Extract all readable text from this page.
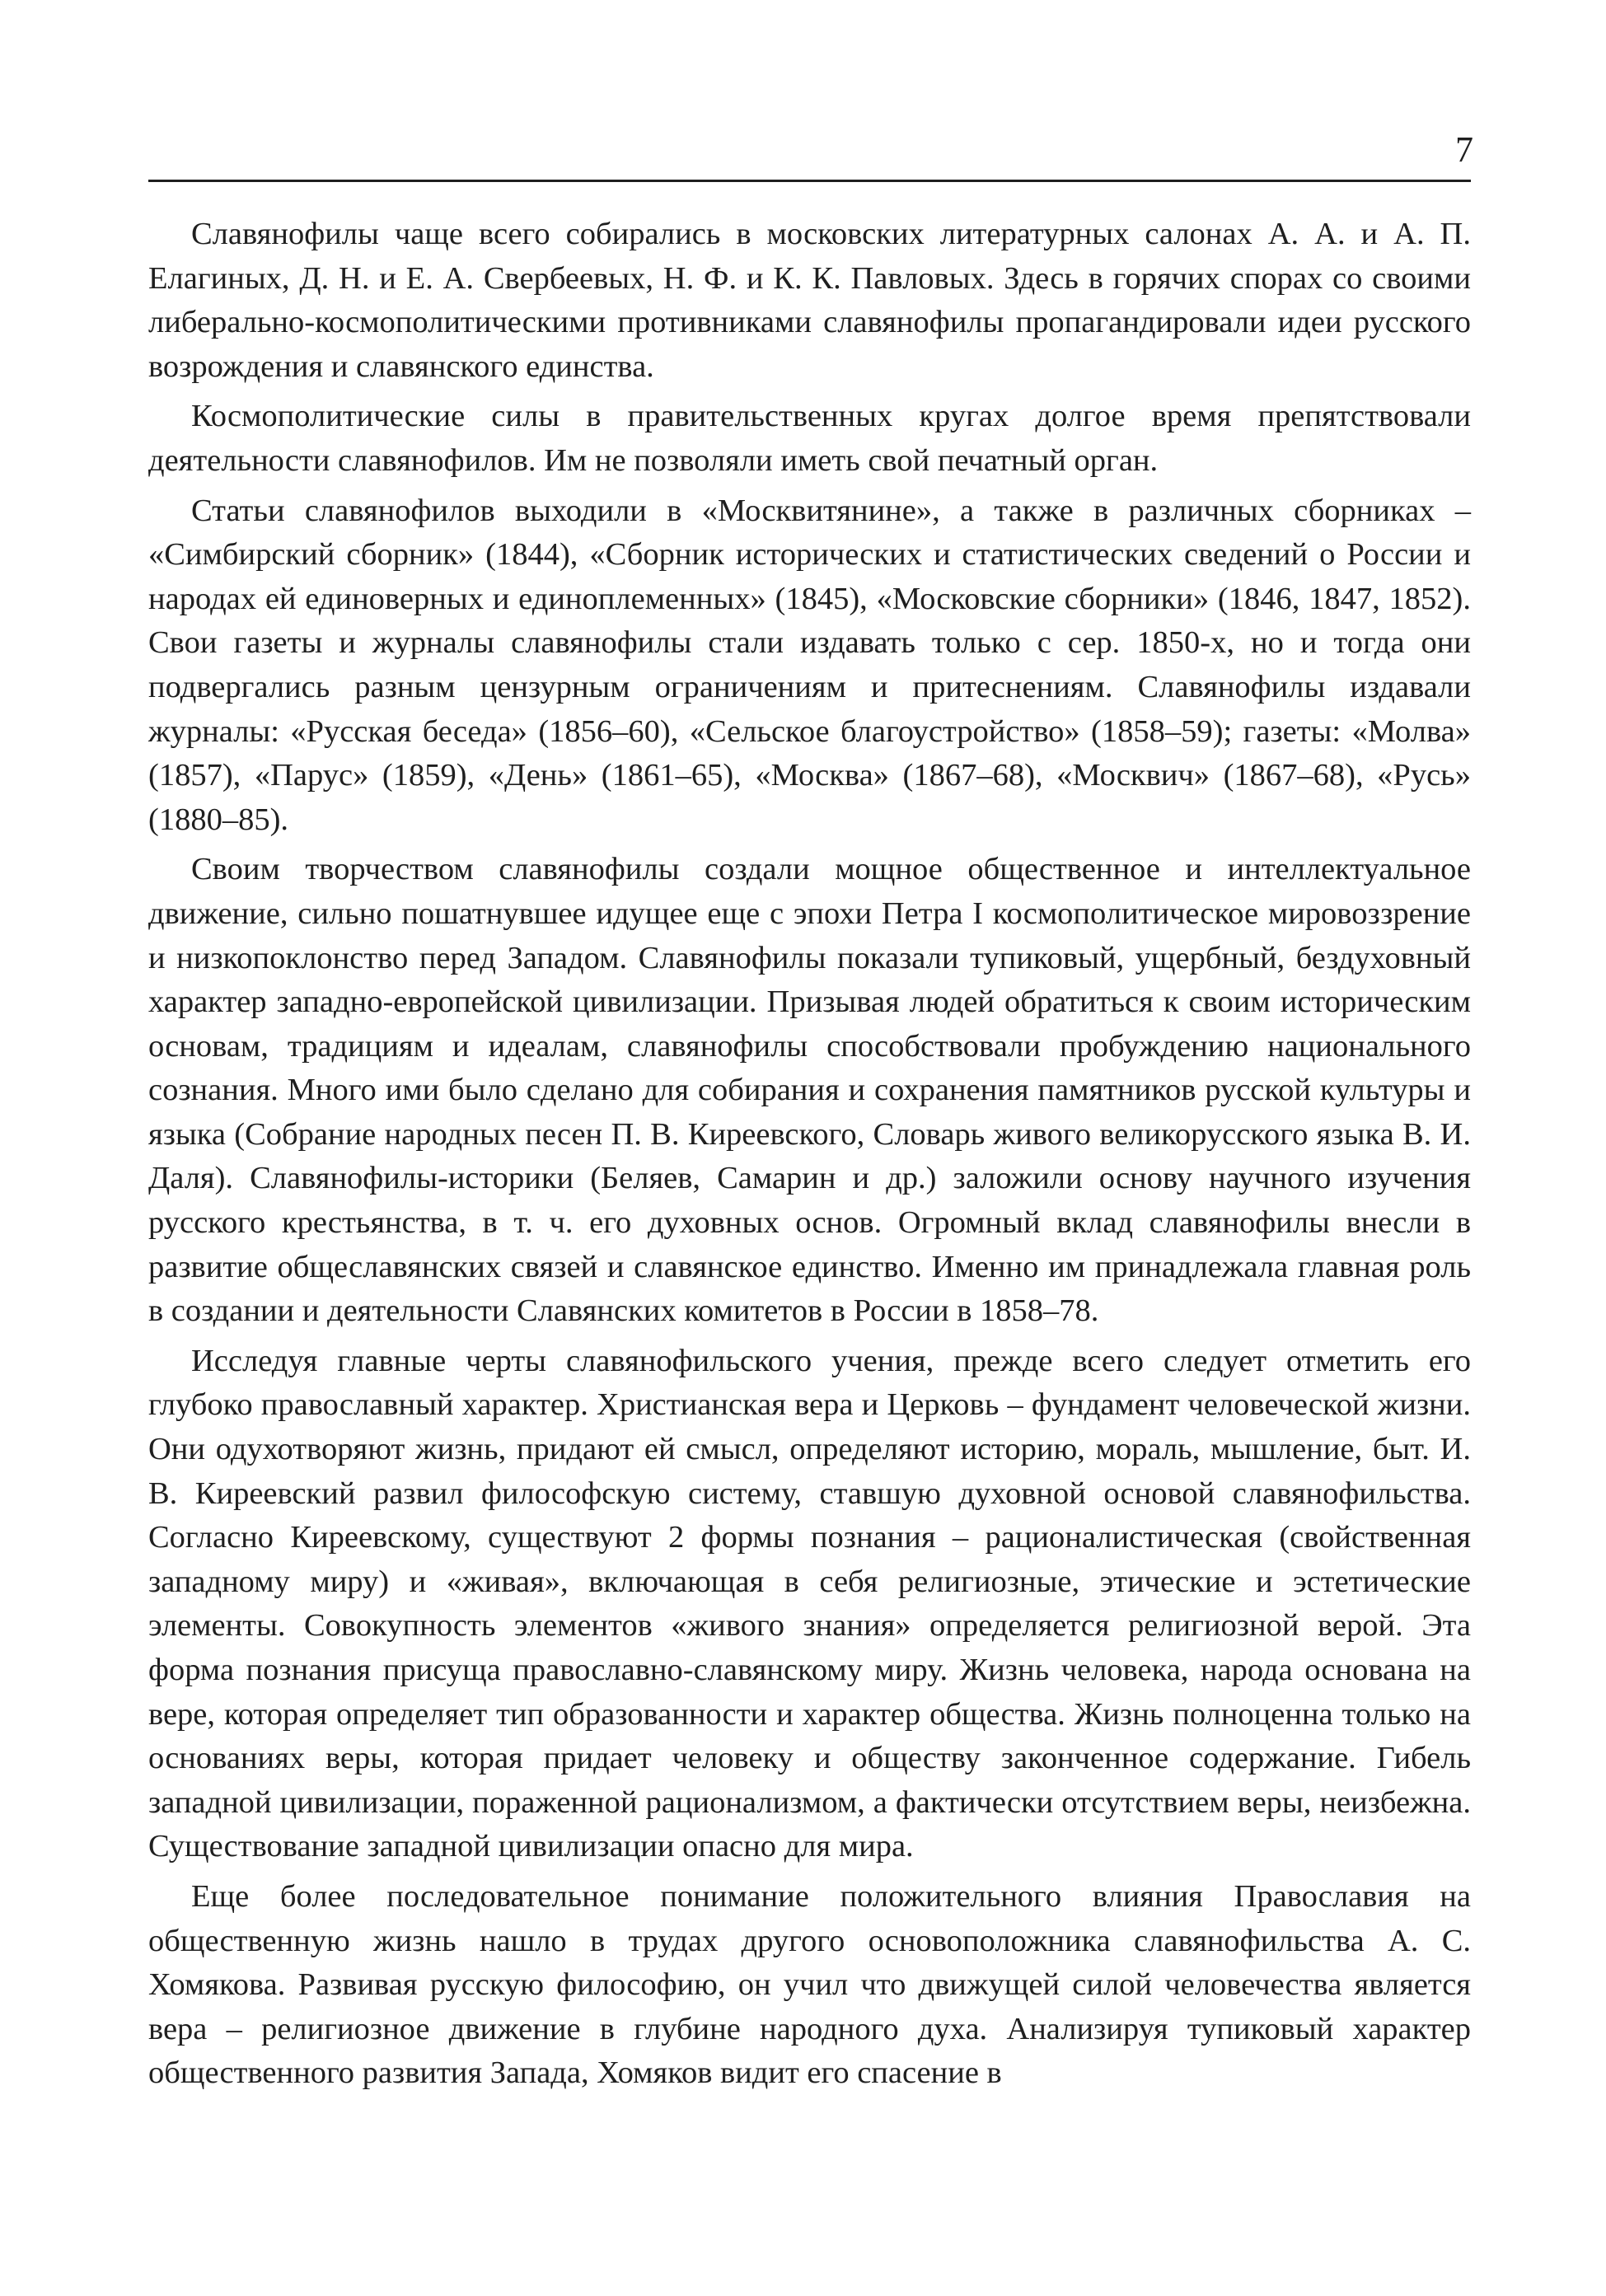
7

Славянофилы чаще всего собирались в московских литературных салонах А. А. и А. П. Елагиных, Д. Н. и Е. А. Свербеевых, Н. Ф. и К. К. Павловых. Здесь в горячих спорах со своими либерально-космополитическими противниками славянофилы пропагандировали идеи русского возрождения и славянского единства.

Космополитические силы в правительственных кругах долгое время препятствовали деятельности славянофилов. Им не позволяли иметь свой печатный орган.

Статьи славянофилов выходили в «Москвитянине», а также в различных сборниках – «Симбирский сборник» (1844), «Сборник исторических и статистических сведений о России и народах ей единоверных и единоплеменных» (1845), «Московские сборники» (1846, 1847, 1852). Свои газеты и журналы славянофилы стали издавать только с сер. 1850-х, но и тогда они подвергались разным цензурным ограничениям и притеснениям. Славянофилы издавали журналы: «Русская беседа» (1856–60), «Сельское благоустройство» (1858–59); газеты: «Молва» (1857), «Парус» (1859), «День» (1861–65), «Москва» (1867–68), «Москвич» (1867–68), «Русь» (1880–85).

Своим творчеством славянофилы создали мощное общественное и интеллектуальное движение, сильно пошатнувшее идущее еще с эпохи Петра I космополитическое мировоззрение и низкопоклонство перед Западом. Славянофилы показали тупиковый, ущербный, бездуховный характер западно-европейской цивилизации. Призывая людей обратиться к своим историческим основам, традициям и идеалам, славянофилы способствовали пробуждению национального сознания. Много ими было сделано для собирания и сохранения памятников русской культуры и языка (Собрание народных песен П. В. Киреевского, Словарь живого великорусского языка В. И. Даля). Славянофилы-историки (Беляев, Самарин и др.) заложили основу научного изучения русского крестьянства, в т. ч. его духовных основ. Огромный вклад славянофилы внесли в развитие общеславянских связей и славянское единство. Именно им принадлежала главная роль в создании и деятельности Славянских комитетов в России в 1858–78.

Исследуя главные черты славянофильского учения, прежде всего следует отметить его глубоко православный характер. Христианская вера и Церковь – фундамент человеческой жизни. Они одухотворяют жизнь, придают ей смысл, определяют историю, мораль, мышление, быт. И. В. Киреевский развил философскую систему, ставшую духовной основой славянофильства. Согласно Киреевскому, существуют 2 формы познания – рационалистическая (свойственная западному миру) и «живая», включающая в себя религиозные, этические и эстетические элементы. Совокупность элементов «живого знания» определяется религиозной верой. Эта форма познания присуща православно-славянскому миру. Жизнь человека, народа основана на вере, которая определяет тип образованности и характер общества. Жизнь полноценна только на основаниях веры, которая придает человеку и обществу законченное содержание. Гибель западной цивилизации, пораженной рационализмом, а фактически отсутствием веры, неизбежна. Существование западной цивилизации опасно для мира.

Еще более последовательное понимание положительного влияния Православия на общественную жизнь нашло в трудах другого основоположника славянофильства А. С. Хомякова. Развивая русскую философию, он учил что движущей силой человечества является вера – религиозное движение в глубине народного духа. Анализируя тупиковый характер общественного развития Запада, Хомяков видит его спасение в
